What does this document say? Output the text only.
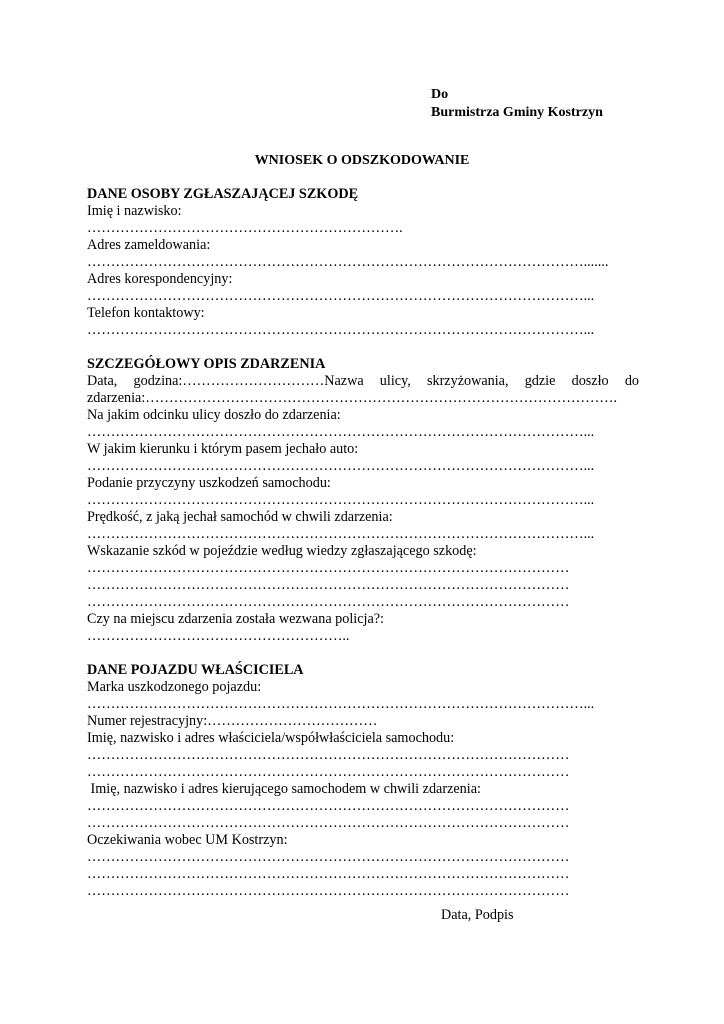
Do
Burmistrza Gminy Kostrzyn
WNIOSEK O ODSZKODOWANIE
DANE OSOBY ZGŁASZAJĄCEJ SZKODĘ
Imię i nazwisko:
………………………………………………………….
Adres zameldowania:
…………………………………………………………………………………………….......
Adres korespondencyjny:
……………………………………………………………………………………………...
Telefon kontaktowy:
……………………………………………………………………………………………...
SZCZEGÓŁOWY OPIS ZDARZENIA
Data, godzina:…………………………Nazwa ulicy, skrzyżowania, gdzie doszło do
zdarzenia:……………………………………………………………………………………….
Na jakim odcinku ulicy doszło do zdarzenia:
……………………………………………………………………………………………...
W jakim kierunku i którym pasem jechało auto:
……………………………………………………………………………………………...
Podanie przyczyny uszkodzeń samochodu:
……………………………………………………………………………………………...
Prędkość, z jaką jechał samochód w chwili zdarzenia:
……………………………………………………………………………………………...
Wskazanie szkód w pojeździe według wiedzy zgłaszającego szkodę:
…………………………………………………………………………………………
…………………………………………………………………………………………
…………………………………………………………………………………………
Czy na miejscu zdarzenia została wezwana policja?:
………………………………………………..
DANE POJAZDU WŁAŚCICIELA
Marka uszkodzonego pojazdu:
……………………………………………………………………………………………...
Numer rejestracyjny:………………………………
Imię, nazwisko i adres właściciela/współwłaściciela samochodu:
…………………………………………………………………………………………
…………………………………………………………………………………………
Imię, nazwisko i adres kierującego samochodem w chwili zdarzenia:
…………………………………………………………………………………………
…………………………………………………………………………………………
Oczekiwania wobec UM Kostrzyn:
…………………………………………………………………………………………
…………………………………………………………………………………………
…………………………………………………………………………………………
Data, Podpis
